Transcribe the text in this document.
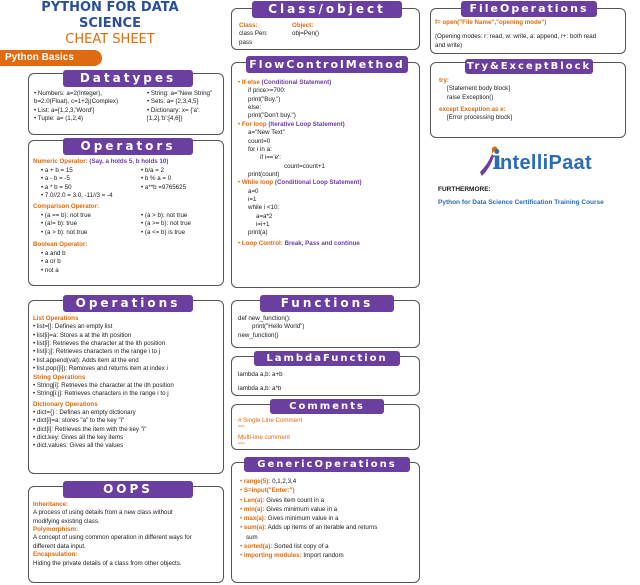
PYTHON FOR DATA
SCIENCE
CHEAT SHEET
Python Basics
Datatypes
• Numbers: a=2(Integer),
b=2.0(Float), c=1+2j(Complex)
• List: a=[1,2,3,'Word']
• Tuple: a= (1,2,4)
• String: a="New String"
• Sets: a= {2,3,4,5}
• Dictionary: x= {'a':
[1,2],'b':[4,6]}
Operators
Numeric Operator: (Say, a holds 5, b holds 10)
• a + b = 15
• a - b = -5
• a * b = 50
• 7.0//2.0 = 3.0, -11//3 = -4
• b/a = 2
• b % a = 0
• a**b =9765625
Comparison Operator:
• (a == b): not true
• (a!= b): true
• (a > b): not true
• (a > b): not true
• (a >= b): not true
• (a <= b) is true
Boolean Operator:
• a and b
• a or b
• not a
Operations
List Operations
• list=[]: Defines an empty list
• list[i]=a: Stores a at the ith position
• list[i]: Retrieves the character at the ith position
• list[i:j]: Retrieves characters in the range i to j
• list.append(val): Adds item at the end
• list.pop([i]): Removes and returns item at index i
String Operations
• String[i]: Retrieves the character at the ith position
• String[i:j]: Retrieves characters in the range i to j
Dictionary Operations
• dict={} : Defines an empty dictionary
• dict[i]=a: stores "a" to the key "i"
• dict[i]: Retrieves the item with the key "i"
• dict.key: Gives all the key items
• dict.values: Gives all the values
OOPS
Inheritance:
A process of using details from a new class without
modifying existing class.
Polymorphism:
A concept of using common operation in different ways for
different data input.
Encapsulation:
Hiding the private details of a class from other objects.
Class/object
Class:
class Pen:
pass
Object:
obj=Pen()
FlowControlMethod
• If-else (Conditional Statement)
if price>=700:
print("Buy.")
else:
print("Don't buy.")
• For loop (Iterative Loop Statement)
a="New Text"
count=0
for i in a:
if i=='e':
count=count+1
print(count)
• While loop (Conditional Loop Statement)
a=0
i=1
while i <10:
a=a*2
i=i+1
print(a)
• Loop Control: Break, Pass and continue
Functions
def new_function():
print("Hello World")
new_function()
LambdaFunction
lambda a,b: a+b
lambda a,b: a*b
Comments
# Single Line Comment
"""
Multi-line comment
"""
GenericOperations
• range(5): 0,1,2,3,4
• S=input("Enter:")
• Len(a): Gives item count in a
• min(a): Gives minimum value in a
• max(a): Gives minimum value in a
• sum(a): Adds up items of an iterable and returns
sum
• sorted(a): Sorted list copy of a
• importing modules: Import random
FileOperations
f= open("File Name","opening mode")
(Opening modes: r: read, w: write, a: append, r+: both read
and write)
Try&ExceptBlock
try:
[Statement body block]
raise Exception()
except Exception as e:
[Error processing block]
i
ntelliPaat
FURTHERMORE:
Python for Data Science Certification Training Course
